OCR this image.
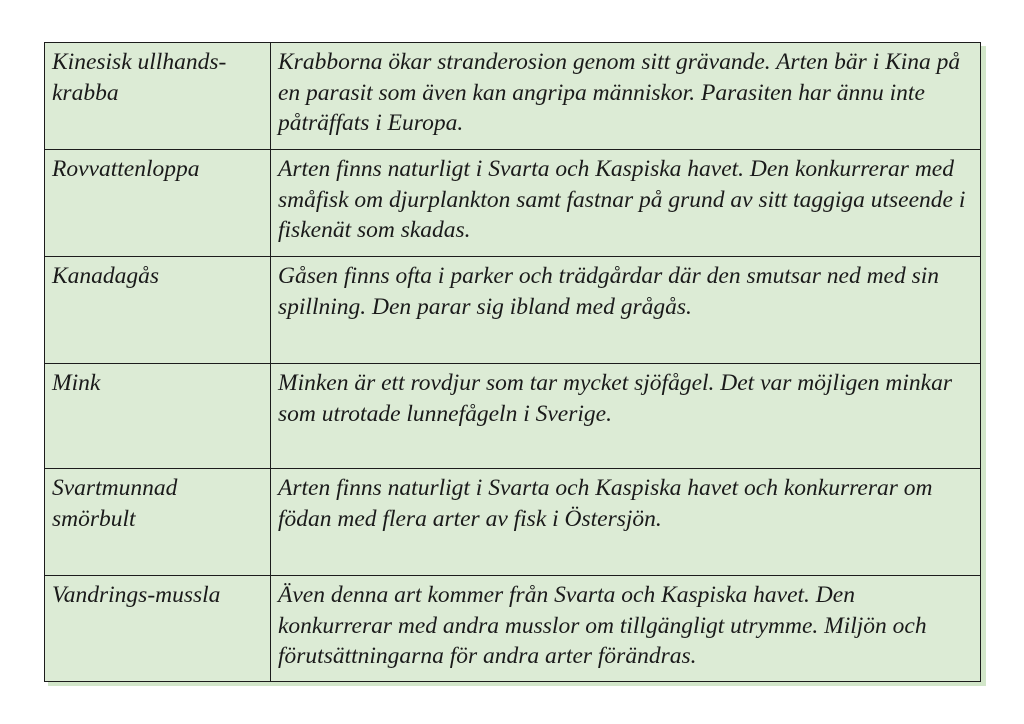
Kinesisk ullhands-krabba	Krabborna ökar stranderosion genom sitt grävande. Arten bär i Kina på en parasit som även kan angripa människor. Parasiten har ännu inte påträffats i Europa.
Rovvattenloppa	Arten finns naturligt i Svarta och Kaspiska havet. Den konkurrerar med småfisk om djurplankton samt fastnar på grund av sitt taggiga utseende i fiskenät som skadas.
Kanadagås	Gåsen finns ofta i parker och trädgårdar där den smutsar ned med sin spillning. Den parar sig ibland med grågås.
Mink	Minken är ett rovdjur som tar mycket sjöfågel. Det var möjligen minkar som utrotade lunnefågeln i Sverige.
Svartmunnad smörbult	Arten finns naturligt i Svarta och Kaspiska havet och konkurrerar om födan med flera arter av fisk i Östersjön.
Vandrings-mussla	Även denna art kommer från Svarta och Kaspiska havet. Den konkurrerar med andra musslor om tillgängligt utrymme. Miljön och förutsättningarna för andra arter förändras.
